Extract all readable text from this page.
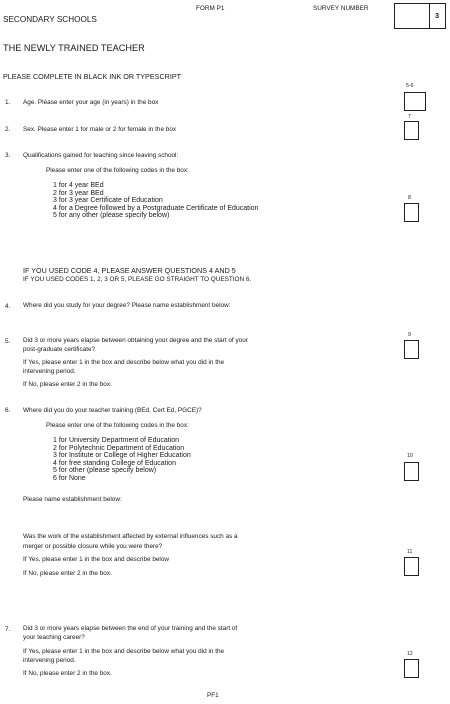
SECONDARY SCHOOLS
FORM P1	SURVEY NUMBER
3
THE NEWLY TRAINED TEACHER
PLEASE COMPLETE IN BLACK INK OR TYPESCRIPT
5-6
1. Age. Please enter your age (in years) in the box
7
2. Sex. Please enter 1 for male or 2 for female in the box
3. Qualifications gained for teaching since leaving school:
Please enter one of the following codes in the box:
1 for 4 year BEd
2 for 3 year BEd
3 for 3 year Certificate of Education
4 for a Degree followed by a Postgraduate Certificate of Education
5 for any other (please specify below)
8
IF YOU USED CODE 4, PLEASE ANSWER QUESTIONS 4 AND 5
IF YOU USED CODES 1, 2, 3 OR 5, PLEASE GO STRAIGHT TO QUESTION 6.
4. Where did you study for your degree? Please name establishment below:
5. Did 3 or more years elapse between obtaining your degree and the start of your
post-graduate certificate?
If Yes, please enter 1 in the box and describe below what you did in the
intervening period.
If No, please enter 2 in the box.
9
6. Where did you do your teacher training (BEd, Cert Ed, PGCE)?
Please enter one of the following codes in the box:
1 for University Department of Education
2 for Polytechnic Department of Education
3 for Institute or College of Higher Education
4 for free standing College of Education
5 for other (please specify below)
6 for None
10
Please name establishment below:
Was the work of the establishment affected by external influences such as a
merger or possible closure while you were there?
If Yes, please enter 1 in the box and describe below
If No, please enter 2 in the box.
11
7. Did 3 or more years elapse between the end of your training and the start of
your teaching career?
If Yes, please enter 1 in the box and describe below what you did in the
intervening period.
If No, please enter 2 in the box.
12
PF1
